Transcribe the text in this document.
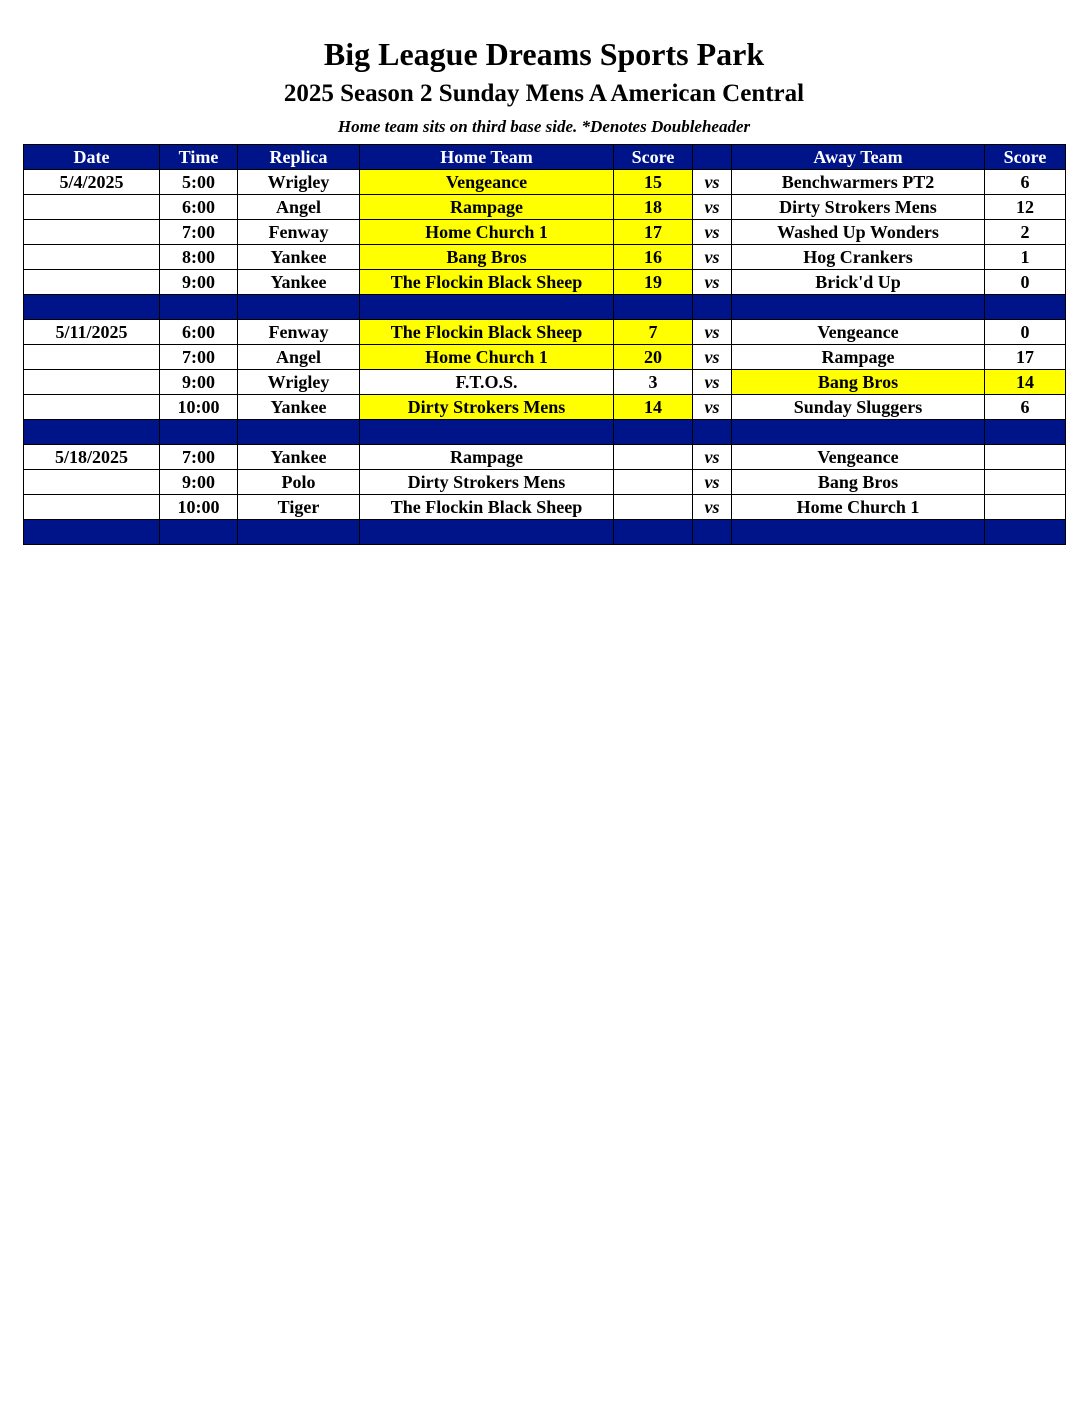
Big League Dreams Sports Park
2025 Season 2 Sunday Mens A American Central
Home team sits on third base side. *Denotes Doubleheader
Date	Time	Replica	Home Team	Score		Away Team	Score
5/4/2025	5:00	Wrigley	Vengeance	15	vs	Benchwarmers PT2	6
	6:00	Angel	Rampage	18	vs	Dirty Strokers Mens	12
	7:00	Fenway	Home Church 1	17	vs	Washed Up Wonders	2
	8:00	Yankee	Bang Bros	16	vs	Hog Crankers	1
	9:00	Yankee	The Flockin Black Sheep	19	vs	Brick'd Up	0

5/11/2025	6:00	Fenway	The Flockin Black Sheep	7	vs	Vengeance	0
	7:00	Angel	Home Church 1	20	vs	Rampage	17
	9:00	Wrigley	F.T.O.S.	3	vs	Bang Bros	14
	10:00	Yankee	Dirty Strokers Mens	14	vs	Sunday Sluggers	6

5/18/2025	7:00	Yankee	Rampage		vs	Vengeance	
	9:00	Polo	Dirty Strokers Mens		vs	Bang Bros	
	10:00	Tiger	The Flockin Black Sheep		vs	Home Church 1	
